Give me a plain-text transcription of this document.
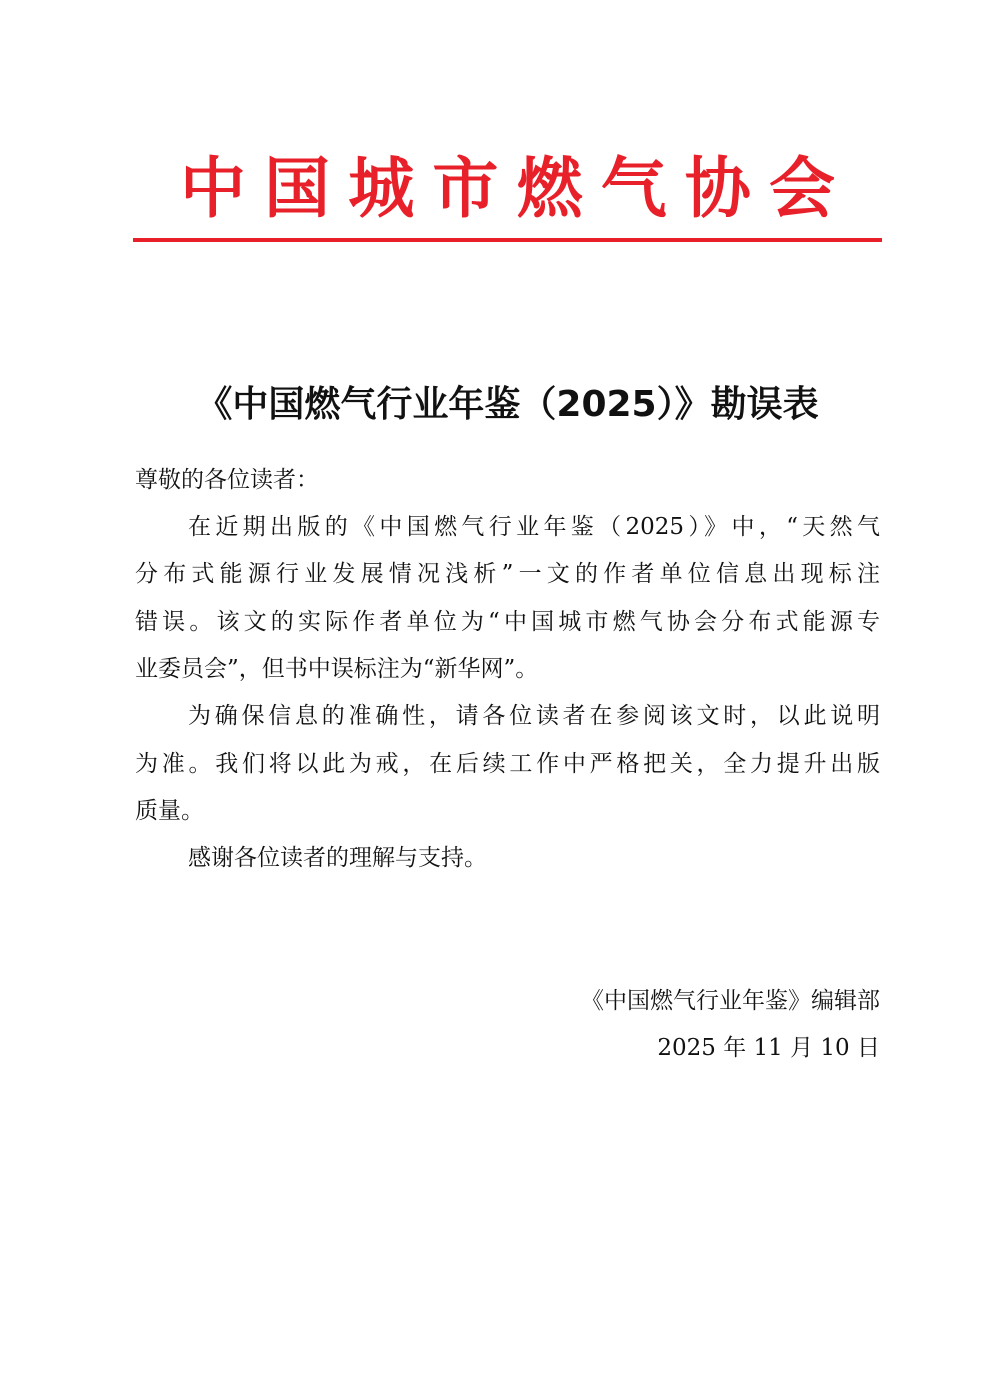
中 国 城 市 燃 气 协 会
《中国燃气行业年鉴（2025）》勘误表
尊敬的各位读者：
在近期出版的《中国燃气行业年鉴（2025）》中，“天然气
分布式能源行业发展情况浅析”一文的作者单位信息出现标注
错误。该文的实际作者单位为“中国城市燃气协会分布式能源专
业委员会”，但书中误标注为“新华网”。
为确保信息的准确性，请各位读者在参阅该文时，以此说明
为准。我们将以此为戒，在后续工作中严格把关，全力提升出版
质量。
感谢各位读者的理解与支持。
《中国燃气行业年鉴》编辑部
2025 年 11 月 10 日
